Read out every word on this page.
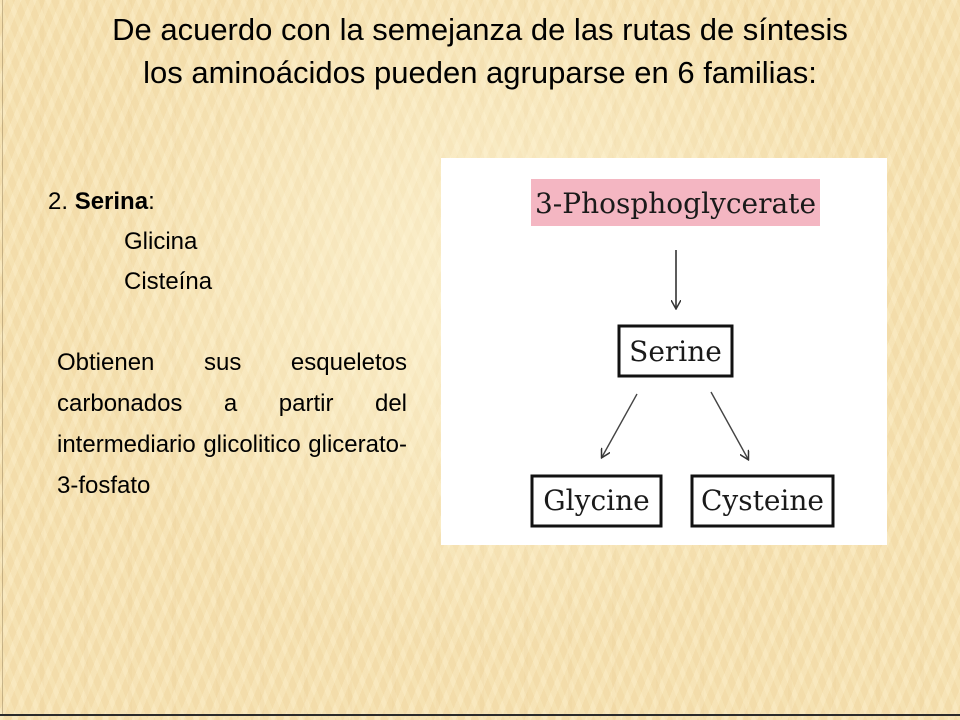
De acuerdo con la semejanza de las rutas de síntesis
los aminoácidos pueden agruparse en 6 familias:
2. Serina:
Glicina
Cisteína

Obtienen sus esqueletos carbonados a partir del intermediario glicolitico glicerato-3-fosfato

3-Phosphoglycerate
Serine
Glycine Cysteine
